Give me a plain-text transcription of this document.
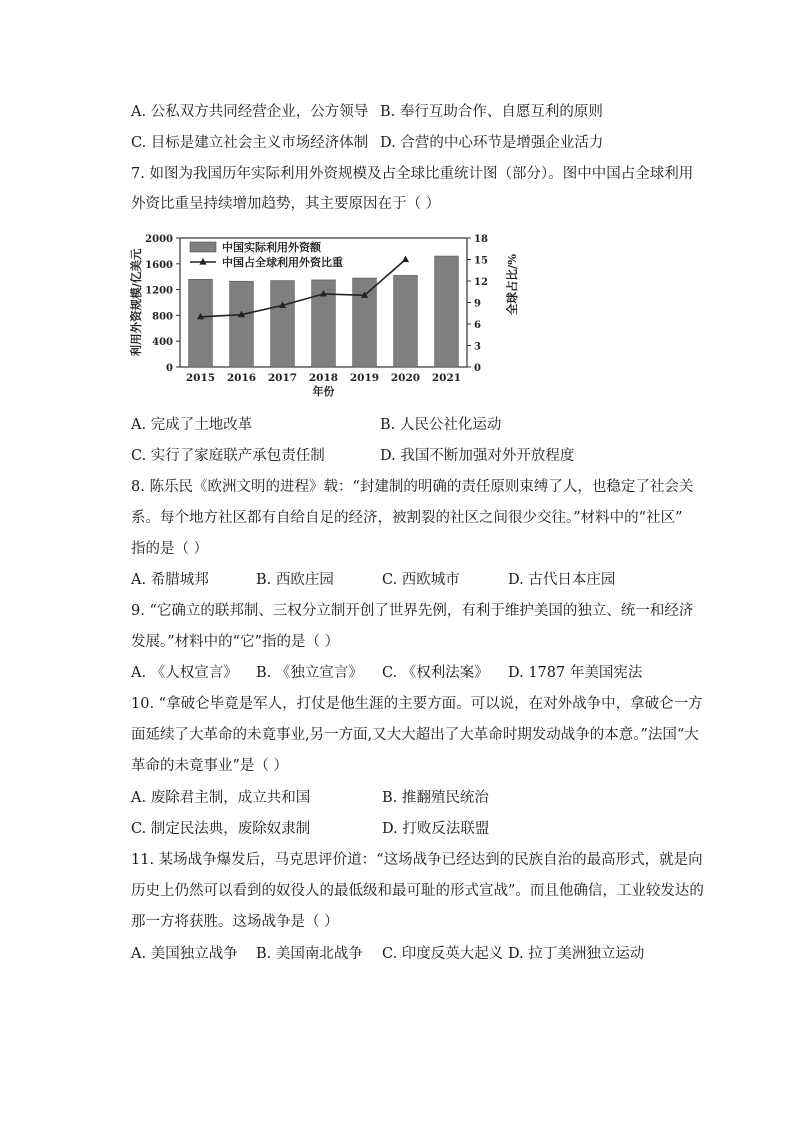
A. 公私双方共同经营企业，公方领导 B. 奉行互助合作、自愿互利的原则
C. 目标是建立社会主义市场经济体制 D. 合营的中心环节是增强企业活力
7. 如图为我国历年实际利用外资规模及占全球比重统计图（部分）。图中中国占全球利用
外资比重呈持续增加趋势，其主要原因在于（ ）
0
400
800
1200
1600
2000
0
3
6
9
12
15
18
2015 2016 2017 2018 2019 2020 2021
年份
利用外资规模/亿美元	全球占比/%
中国实际利用外资额
中国占全球利用外资比重
A. 完成了土地改革	B. 人民公社化运动
C. 实行了家庭联产承包责任制	D. 我国不断加强对外开放程度
8. 陈乐民《欧洲文明的进程》载：“封建制的明确的责任原则束缚了人，也稳定了社会关
系。每个地方社区都有自给自足的经济，被割裂的社区之间很少交往。”材料中的“社区”
指的是（ ）
A. 希腊城邦	B. 西欧庄园	C. 西欧城市	D. 古代日本庄园
9. “它确立的联邦制、三权分立制开创了世界先例，有利于维护美国的独立、统一和经济
发展。”材料中的“它”指的是（ ）
A. 《人权宣言》 B. 《独立宣言》 C. 《权利法案》 D. 1787 年美国宪法
10. “拿破仑毕竟是军人，打仗是他生涯的主要方面。可以说，在对外战争中，拿破仑一方
面延续了大革命的未竟事业,另一方面,又大大超出了大革命时期发动战争的本意。”法国“大
革命的未竟事业”是（ ）
A. 废除君主制，成立共和国	B. 推翻殖民统治
C. 制定民法典，废除奴隶制	D. 打败反法联盟
11. 某场战争爆发后，马克思评价道：“这场战争已经达到的民族自治的最高形式，就是向
历史上仍然可以看到的奴役人的最低级和最可耻的形式宣战”。而且他确信，工业较发达的
那一方将获胜。这场战争是（ ）
A. 美国独立战争 B. 美国南北战争 C. 印度反英大起义 D. 拉丁美洲独立运动
